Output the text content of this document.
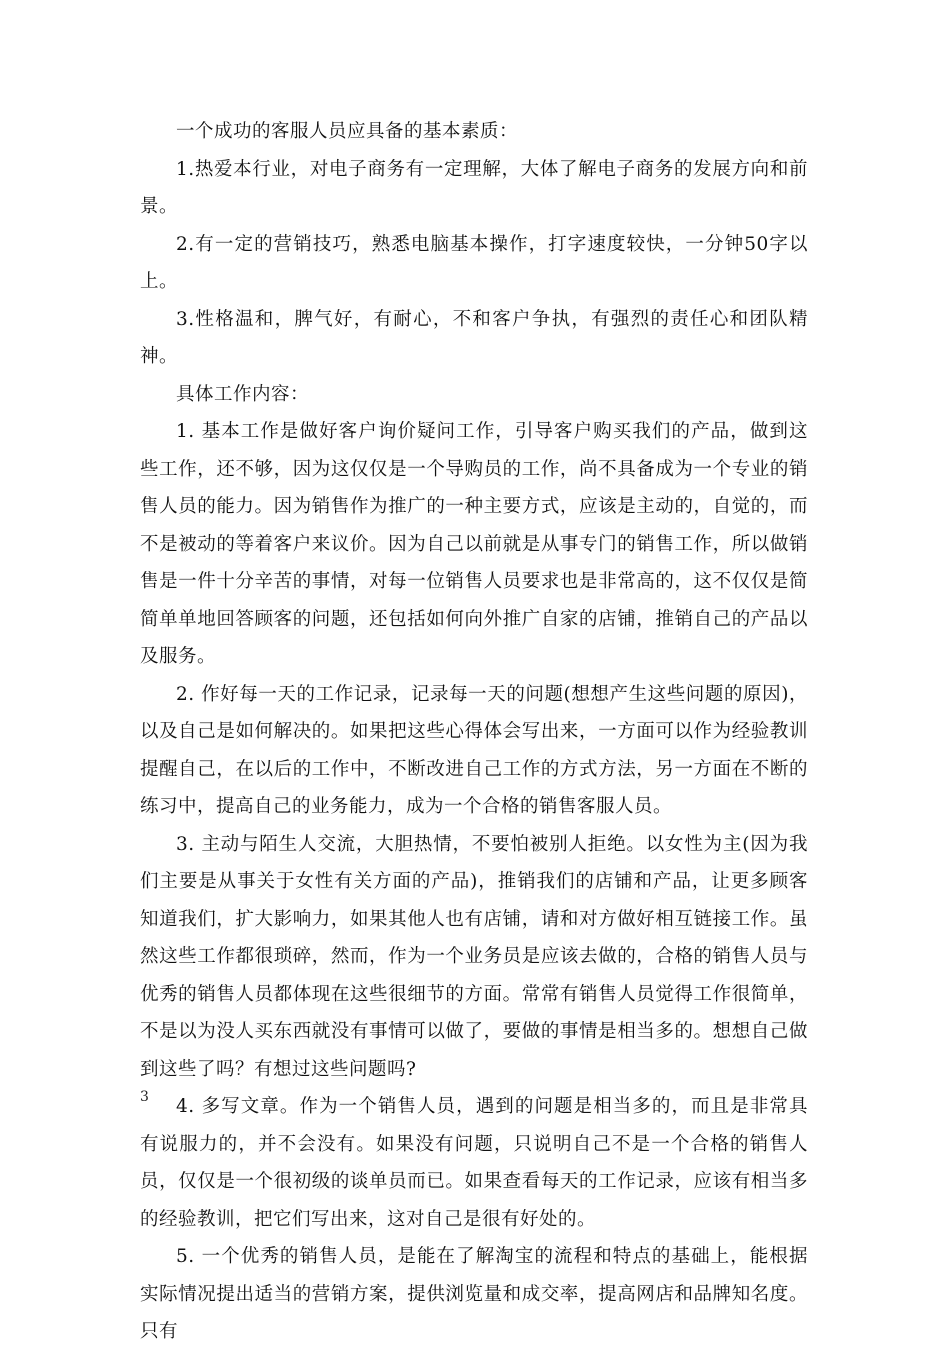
一个成功的客服人员应具备的基本素质：

1.热爱本行业，对电子商务有一定理解，大体了解电子商务的发展方向和前景。

2.有一定的营销技巧，熟悉电脑基本操作，打字速度较快，一分钟50字以上。

3.性格温和，脾气好，有耐心，不和客户争执，有强烈的责任心和团队精神。

具体工作内容：

1. 基本工作是做好客户询价疑问工作，引导客户购买我们的产品，做到这些工作，还不够，因为这仅仅是一个导购员的工作，尚不具备成为一个专业的销售人员的能力。因为销售作为推广的一种主要方式，应该是主动的，自觉的，而不是被动的等着客户来议价。因为自己以前就是从事专门的销售工作，所以做销售是一件十分辛苦的事情，对每一位销售人员要求也是非常高的，这不仅仅是简简单单地回答顾客的问题，还包括如何向外推广自家的店铺，推销自己的产品以及服务。

2. 作好每一天的工作记录，记录每一天的问题(想想产生这些问题的原因)，以及自己是如何解决的。如果把这些心得体会写出来，一方面可以作为经验教训提醒自己，在以后的工作中，不断改进自己工作的方式方法，另一方面在不断的练习中，提高自己的业务能力，成为一个合格的销售客服人员。

3. 主动与陌生人交流，大胆热情，不要怕被别人拒绝。以女性为主(因为我们主要是从事关于女性有关方面的产品)，推销我们的店铺和产品，让更多顾客知道我们，扩大影响力，如果其他人也有店铺，请和对方做好相互链接工作。虽然这些工作都很琐碎，然而，作为一个业务员是应该去做的，合格的销售人员与优秀的销售人员都体现在这些很细节的方面。常常有销售人员觉得工作很简单，不是以为没人买东西就没有事情可以做了，要做的事情是相当多的。想想自己做到这些了吗？有想过这些问题吗?

4. 多写文章。作为一个销售人员，遇到的问题是相当多的，而且是非常具有说服力的，并不会没有。如果没有问题，只说明自己不是一个合格的销售人员，仅仅是一个很初级的谈单员而已。如果查看每天的工作记录，应该有相当多的经验教训，把它们写出来，这对自己是很有好处的。

5. 一个优秀的销售人员，是能在了解淘宝的流程和特点的基础上，能根据实际情况提出适当的营销方案，提供浏览量和成交率，提高网店和品牌知名度。只有

3
